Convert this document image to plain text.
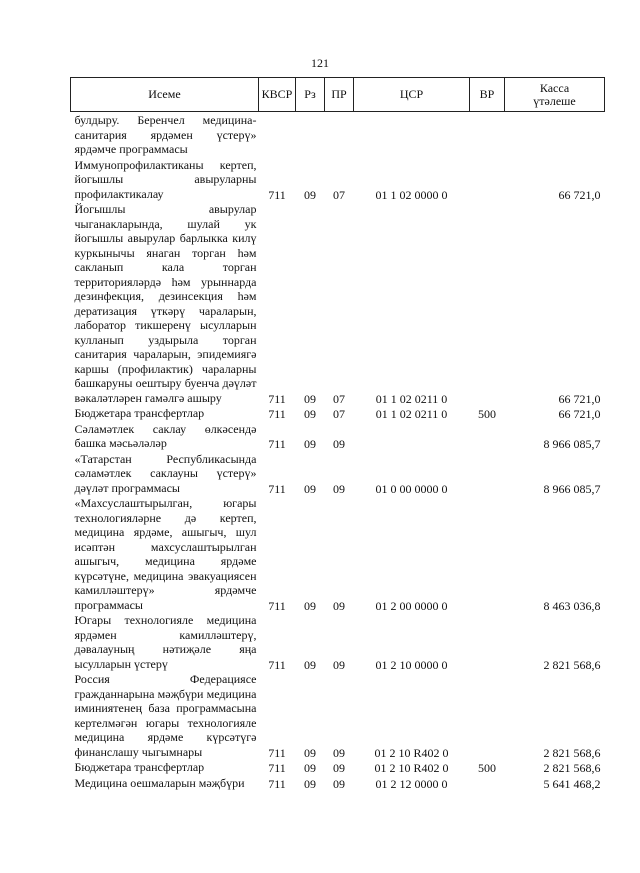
121
Исеме	КВСР	Рз	ПР	ЦСР	ВР	Касса
үтәлеше

булдыру. Беренчел медицина-санитария ярдәмен үстерү» ярдәмче программасы						
Иммунопрофилактиканы кертеп, йогышлы авыруларны профилактикалау	711	09	07	01 1 02 0000 0		66 721,0
Йогышлы авырулар чыганакларында, шулай ук йогышлы авырулар барлыкка килү куркынычы янаган торган һәм сакланып кала торган территорияләрдә һәм урыннарда дезинфекция, дезинсекция һәм дератизация үткәрү чараларын, лаборатор тикшеренү ысулларын кулланып уздырыла торган санитария чараларын, эпидемиягә каршы (профилактик) чараларны башкаруны оештыру буенча дәүләт вәкаләтләрен гамәлгә ашыру	711	09	07	01 1 02 0211 0		66 721,0
Бюджетара трансфертлар	711	09	07	01 1 02 0211 0	500	66 721,0
Сәламәтлек саклау өлкәсендә башка мәсьәләләр	711	09	09			8 966 085,7
«Татарстан Республикасында сәламәтлек саклауны үстерү» дәүләт программасы	711	09	09	01 0 00 0000 0		8 966 085,7
«Махсуслаштырылган, югары технологияләрне дә кертеп, медицина ярдәме, ашыгыч, шул исәптән махсуслаштырылган ашыгыч, медицина ярдәме күрсәтүне, медицина эвакуациясен камилләштерү» ярдәмче программасы	711	09	09	01 2 00 0000 0		8 463 036,8
Югары технологияле медицина ярдәмен камилләштерү, дәвалауның нәтиҗәле яңа ысулларын үстерү	711	09	09	01 2 10 0000 0		2 821 568,6
Россия Федерациясе гражданнарына мәҗбүри медицина иминиятенең база программасына кертелмәгән югары технологияле медицина ярдәме күрсәтүгә финанслашу чыгымнары	711	09	09	01 2 10 R402 0		2 821 568,6
Бюджетара трансфертлар	711	09	09	01 2 10 R402 0	500	2 821 568,6
Медицина оешмаларын мәҗбүри	711	09	09	01 2 12 0000 0		5 641 468,2
